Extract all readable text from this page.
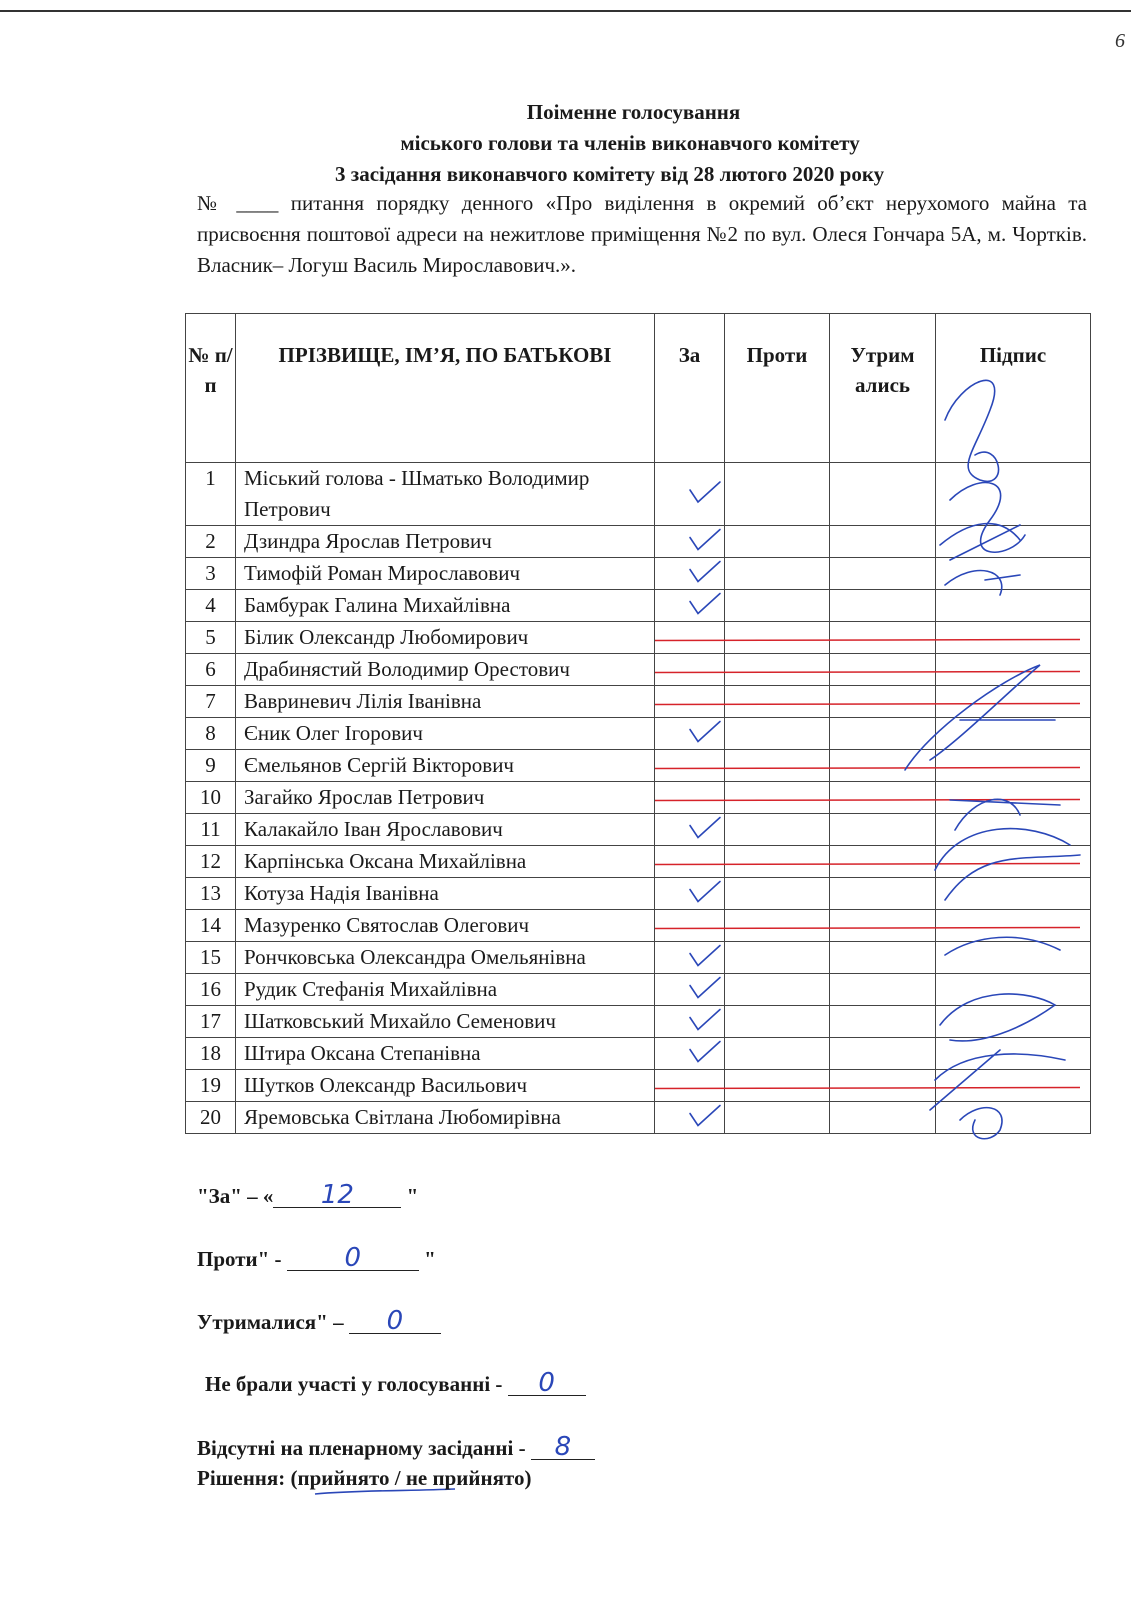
6
Поіменне голосування
міського голови та членів виконавчого комітету
3 засідання виконавчого комітету від 28 лютого 2020 року
№ ____ питання порядку денного «Про виділення в окремий об’єкт нерухомого майна та присвоєння поштової адреси на нежитлове приміщення №2 по вул. Олеся Гончара 5А, м. Чортків. Власник– Логуш Василь Мирославович.».
№ п/ п	ПРІЗВИЩЕ, ІМ’Я, ПО БАТЬКОВІ	За	Проти	Утрим ались	Підпис
1	Міський голова - Шматько Володимир Петрович				
2	Дзиндра Ярослав Петрович				
3	Тимофій Роман Мирославович				
4	Бамбурак Галина Михайлівна				
5	Білик Олександр Любомирович				
6	Драбинястий Володимир Орестович				
7	Вавриневич Лілія Іванівна				
8	Єник Олег Ігорович				
9	Ємельянов Сергій Вікторович				
10	Загайко Ярослав Петрович				
11	Калакайло Іван Ярославович				
12	Карпінська Оксана Михайлівна				
13	Котуза Надія Іванівна				
14	Мазуренко Святослав Олегович				
15	Рончковська Олександра Омельянівна				
16	Рудик Стефанія Михайлівна				
17	Шатковський Михайло Семенович				
18	Штира Оксана Степанівна				
19	Шутков Олександр Васильович				
20	Яремовська Світлана Любомирівна				
"За" – « 12 "
Проти" - 0	"
Утрималися" – 0
Не брали участі у голосуванні - 0
Відсутні на пленарному засіданні - 8
Рішення: (прийнято / не прийнято)
